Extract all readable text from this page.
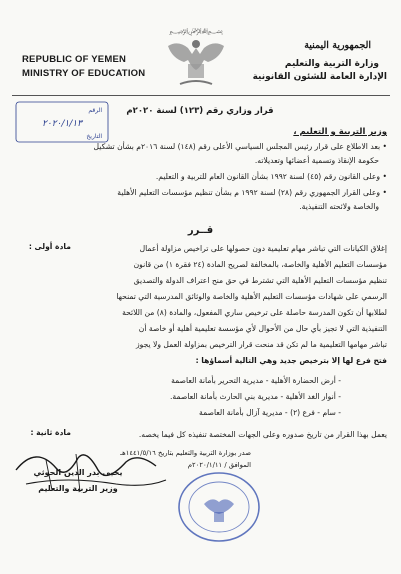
REPUBLIC OF YEMEN
MINISTRY OF EDUCATION
﷽
الجمهورية اليمنية
وزارة التربية والتعليم
الإدارة العامة للشئون القانونية
الرقم
٢٠٢٠/١/١٣
التاريخ
قرار وزاري رقم (١٢٣) لسنة ٢٠٢٠م
وزير التربية و التعليم ،
• بعد الاطلاع على قرار رئيس المجلس السياسي الأعلى رقم (١٤٨) لسنة ٢٠١٦م بشأن تشكيل
حكومة الإنقاذ وتسمية أعضائها وتعديلاته.
• وعلى القانون رقم (٤٥) لسنة ١٩٩٢ بشأن القانون العام للتربية و التعليم.
• وعلى القرار الجمهوري رقم (٢٨) لسنة ١٩٩٢ م بشأن تنظيم مؤسسات التعليم الأهلية
والخاصة ولائحته التنفيذية.
قــرر
مادة أولى :	إغلاق الكيانات التي تباشر مهام تعليمية دون حصولها على تراخيص مزاولة أعمال
مؤسسات التعليم الأهلية والخاصة، بالمخالفة لصريح المادة (٢٤ فقرة ١) من قانون
تنظيم مؤسسات التعليم الأهلية التي تشترط في حق منح اعتراف الدولة والتصديق
الرسمي على شهادات مؤسسات التعليم الأهلية والخاصة والوثائق المدرسية التي تمنحها
لطلابها أن تكون المدرسة حاصلة على ترخيص ساري المفعول، والمادة (٨) من اللائحة
التنفيذية التي لا تجيز بأي حال من الأحوال لأي مؤسسة تعليمية أهلية أو خاصة أن
تباشر مهامها التعليمية ما لم تكن قد منحت قرار الترخيص بمزاولة العمل ولا يجوز
فتح فرع لها إلا بترخيص جديد وهي التالية أسماؤها :
- أرض الحضارة الأهلية - مديرية التحرير بأمانة العاصمة
- أنوار الغد الأهلية - مديرية بني الحارث بأمانة العاصمة.
- سام - فرع (٢) - مديرية آزال بأمانة العاصمة
مادة ثانية :	يعمل بهذا القرار من تاريخ صدوره وعلى الجهات المختصة تنفيذه كل فيما يخصه.
صدر بوزارة التربية والتعليم بتاريخ ١٤٤١/٥/١٦هـ
الموافق / ٢٠٢٠/١/١١م
يحيى بدر الدين الحوثي
وزير التربية والتعليم
